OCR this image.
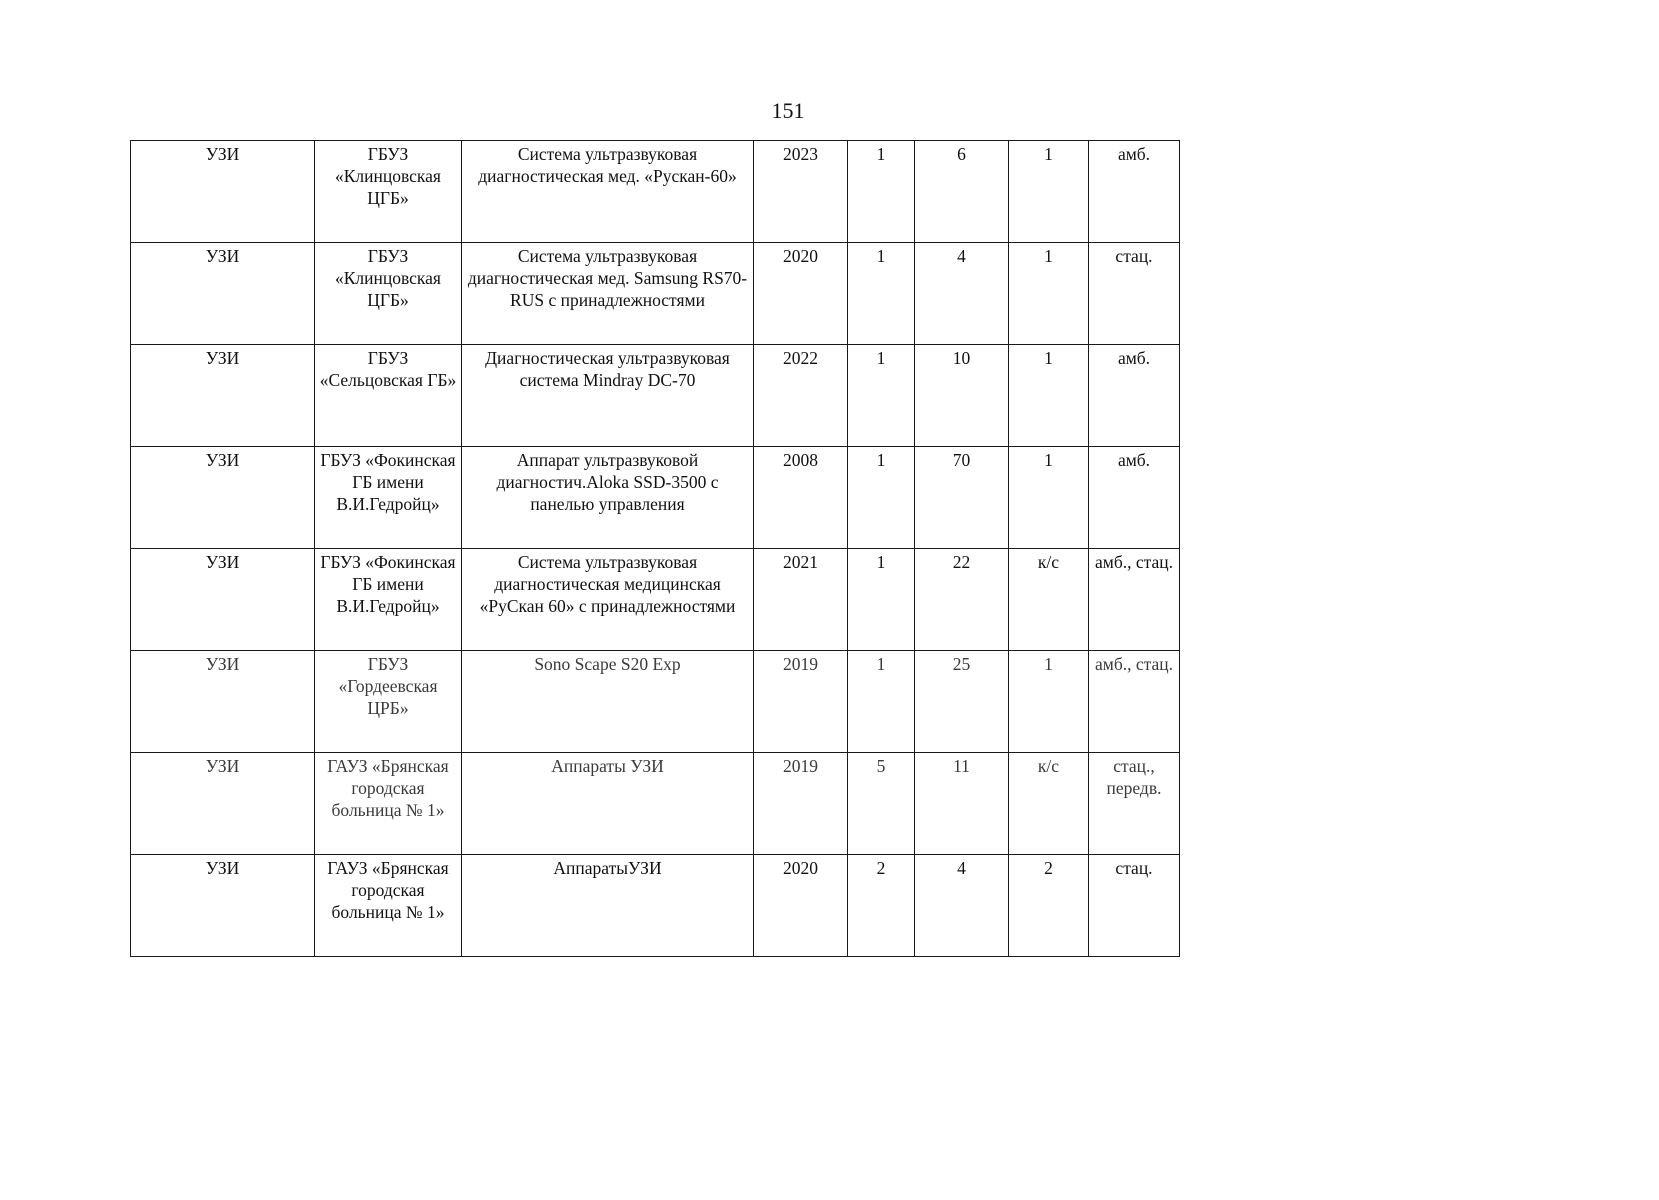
151
УЗИ	ГБУЗ «Клинцовская ЦГБ»	Система ультразвуковая диагностическая мед. «Рускан-60»	2023	1	6	1	амб.
УЗИ	ГБУЗ «Клинцовская ЦГБ»	Система ультразвуковая диагностическая мед. Samsung RS70-RUS с принадлежностями	2020	1	4	1	стац.
УЗИ	ГБУЗ «Сельцовская ГБ»	Диагностическая ультразвуковая система Mindray DC-70	2022	1	10	1	амб.
УЗИ	ГБУЗ «Фокинская ГБ имени В.И.Гедройц»	Аппарат ультразвуковой диагностич.Aloka SSD-3500 с панелью управления	2008	1	70	1	амб.
УЗИ	ГБУЗ «Фокинская ГБ имени В.И.Гедройц»	Система ультразвуковая диагностическая медицинская «РуСкан 60» с принадлежностями	2021	1	22	к/с	амб., стац.
УЗИ	ГБУЗ «Гордеевская ЦРБ»	Sono Scape S20 Exp	2019	1	25	1	амб., стац.
УЗИ	ГАУЗ «Брянская городская больница № 1»	Аппараты УЗИ	2019	5	11	к/с	стац., передв.
УЗИ	ГАУЗ «Брянская городская больница № 1»	АппаратыУЗИ	2020	2	4	2	стац.
